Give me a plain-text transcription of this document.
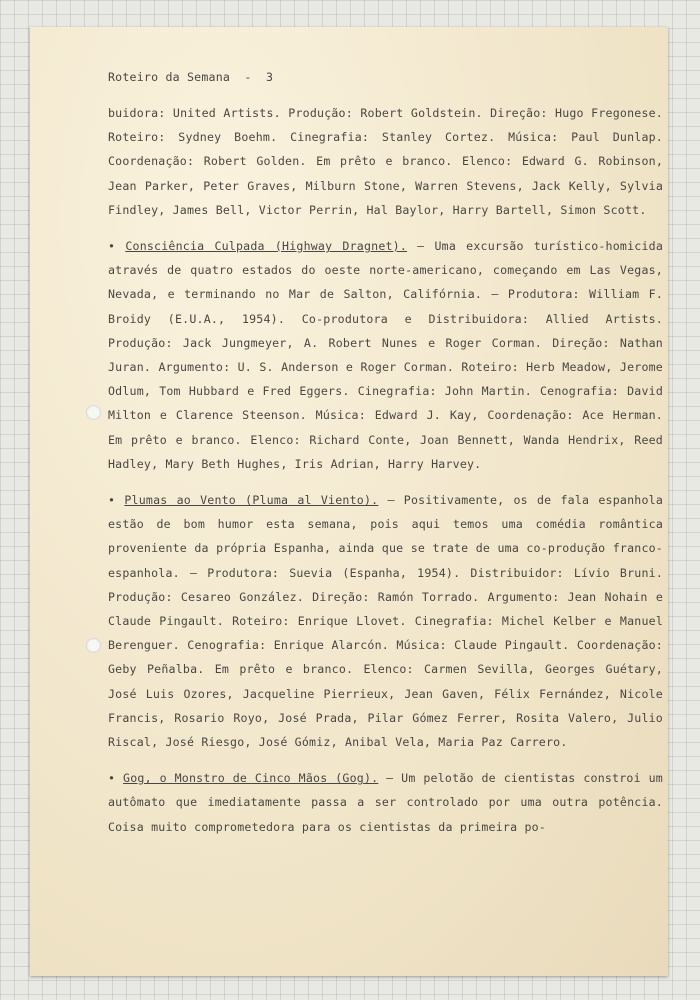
Roteiro da Semana  -  3

buidora: United Artists. Produção: Robert Goldstein. Direção: Hugo Fregonese. Roteiro: Sydney Boehm. Cinegrafia: Stanley Cortez. Música: Paul Dunlap. Coordenação: Robert Golden. Em prêto e branco. Elenco: Edward G. Robinson, Jean Parker, Peter Graves, Milburn Stone, Warren Stevens, Jack Kelly, Sylvia Findley, James Bell, Victor Perrin, Hal Baylor, Harry Bartell, Simon Scott.

• Consciência Culpada (Highway Dragnet). — Uma excursão turístico-homicida através de quatro estados do oeste norte-americano, começando em Las Vegas, Nevada, e terminando no Mar de Salton, Califórnia. — Produtora: William F. Broidy (E.U.A., 1954). Co-produtora e Distribuidora: Allied Artists. Produção: Jack Jungmeyer, A. Robert Nunes e Roger Corman. Direção: Nathan Juran. Argumento: U. S. Anderson e Roger Corman. Roteiro: Herb Meadow, Jerome Odlum, Tom Hubbard e Fred Eggers. Cinegrafia: John Martin. Cenografia: David Milton e Clarence Steenson. Música: Edward J. Kay, Coordenação: Ace Herman. Em prêto e branco. Elenco: Richard Conte, Joan Bennett, Wanda Hendrix, Reed Hadley, Mary Beth Hughes, Iris Adrian, Harry Harvey.

• Plumas ao Vento (Pluma al Viento). — Positivamente, os de fala espanhola estão de bom humor esta semana, pois aqui temos uma comédia romântica proveniente da própria Espanha, ainda que se trate de uma co-produção franco-espanhola. — Produtora: Suevia (Espanha, 1954). Distribuidor: Lívio Bruni. Produção: Cesareo González. Direção: Ramón Torrado. Argumento: Jean Nohain e Claude Pingault. Roteiro: Enrique Llovet. Cinegrafia: Michel Kelber e Manuel Berenguer. Cenografia: Enrique Alarcón. Música: Claude Pingault. Coordenação: Geby Peñalba. Em prêto e branco. Elenco: Carmen Sevilla, Georges Guétary, José Luis Ozores, Jacqueline Pierrieux, Jean Gaven, Félix Fernández, Nicole Francis, Rosario Royo, José Prada, Pilar Gómez Ferrer, Rosita Valero, Julio Riscal, José Riesgo, José Gómiz, Anibal Vela, Maria Paz Carrero.

• Gog, o Monstro de Cinco Mãos (Gog). — Um pelotão de cientistas constroi um autômato que imediatamente passa a ser controlado por uma outra potência. Coisa muito comprometedora para os cientistas da primeira po-
